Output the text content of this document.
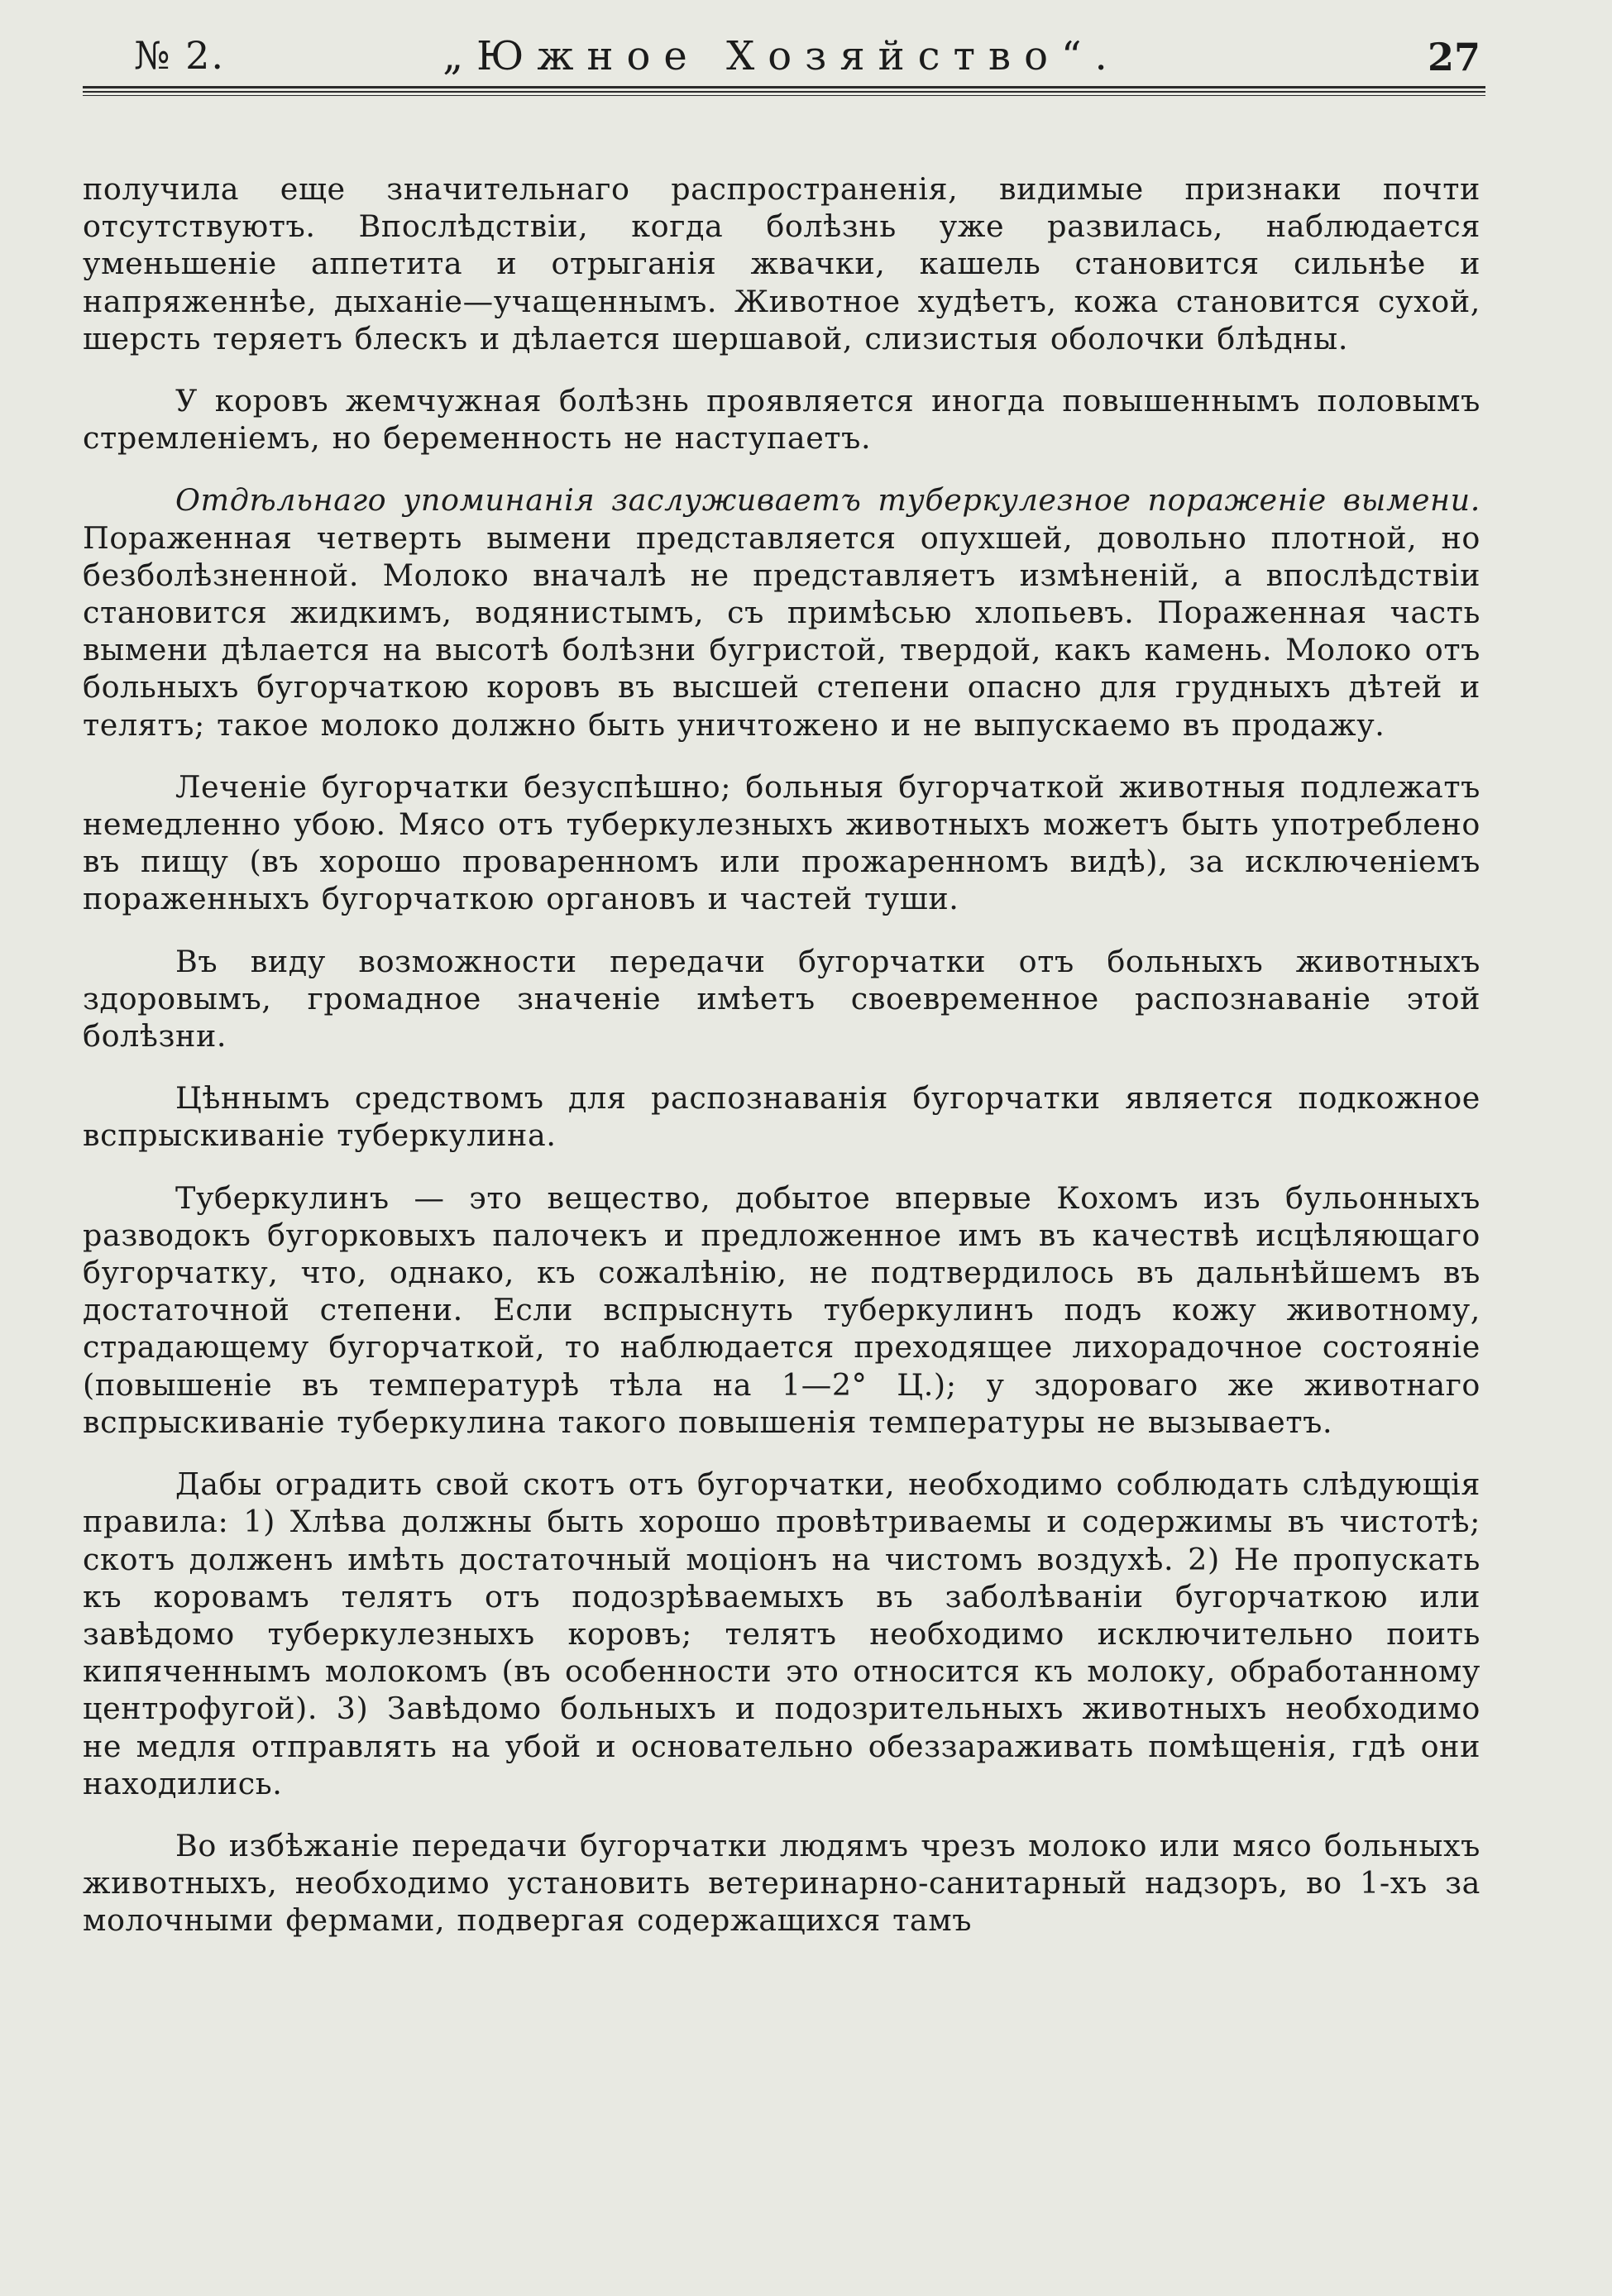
№ 2.	„Южное Хозяйство“.	27

получила еще значительнаго распространенія, видимые признаки почти отсутствуютъ. Впослѣдствіи, когда болѣзнь уже развилась, наблюдается уменьшеніе аппетита и отрыганія жвачки, кашель становится сильнѣе и напряженнѣе, дыханіе—учащеннымъ. Животное худѣетъ, кожа становится сухой, шерсть теряетъ блескъ и дѣлается шершавой, слизистыя оболочки блѣдны.

У коровъ жемчужная болѣзнь проявляется иногда повышеннымъ половымъ стремленіемъ, но беременность не наступаетъ.

Отдѣльнаго упоминанія заслуживаетъ туберкулезное пораженіе вымени. Пораженная четверть вымени представляется опухшей, довольно плотной, но безболѣзненной. Молоко вначалѣ не представляетъ измѣненій, а впослѣдствіи становится жидкимъ, водянистымъ, съ примѣсью хлопьевъ. Пораженная часть вымени дѣлается на высотѣ болѣзни бугристой, твердой, какъ камень. Молоко отъ больныхъ бугорчаткою коровъ въ высшей степени опасно для грудныхъ дѣтей и телятъ; такое молоко должно быть уничтожено и не выпускаемо въ продажу.

Леченіе бугорчатки безуспѣшно; больныя бугорчаткой животныя подлежатъ немедленно убою. Мясо отъ туберкулезныхъ животныхъ можетъ быть употреблено въ пищу (въ хорошо проваренномъ или прожаренномъ видѣ), за исключеніемъ пораженныхъ бугорчаткою органовъ и частей туши.

Въ виду возможности передачи бугорчатки отъ больныхъ животныхъ здоровымъ, громадное значеніе имѣетъ своевременное распознаваніе этой болѣзни.

Цѣннымъ средствомъ для распознаванія бугорчатки является подкожное вспрыскиваніе туберкулина.

Туберкулинъ — это вещество, добытое впервые Кохомъ изъ бульонныхъ разводокъ бугорковыхъ палочекъ и предложенное имъ въ качествѣ исцѣляющаго бугорчатку, что, однако, къ сожалѣнію, не подтвердилось въ дальнѣйшемъ въ достаточной степени. Если вспрыснуть туберкулинъ подъ кожу животному, страдающему бугорчаткой, то наблюдается преходящее лихорадочное состояніе (повышеніе въ температурѣ тѣла на 1—2° Ц.); у здороваго же животнаго вспрыскиваніе туберкулина такого повышенія температуры не вызываетъ.

Дабы оградить свой скотъ отъ бугорчатки, необходимо соблюдать слѣдующія правила: 1) Хлѣва должны быть хорошо провѣтриваемы и содержимы въ чистотѣ; скотъ долженъ имѣть достаточный моціонъ на чистомъ воздухѣ. 2) Не пропускать къ коровамъ телятъ отъ подозрѣваемыхъ въ заболѣваніи бугорчаткою или завѣдомо туберкулезныхъ коровъ; телятъ необходимо исключительно поить кипяченнымъ молокомъ (въ особенности это относится къ молоку, обработанному центрофугой). 3) Завѣдомо больныхъ и подозрительныхъ животныхъ необходимо не медля отправлять на убой и основательно обеззараживать помѣщенія, гдѣ они находились.

Во избѣжаніе передачи бугорчатки людямъ чрезъ молоко или мясо больныхъ животныхъ, необходимо установить ветеринарно-санитарный надзоръ, во 1-хъ за молочными фермами, подвергая содержащихся тамъ
